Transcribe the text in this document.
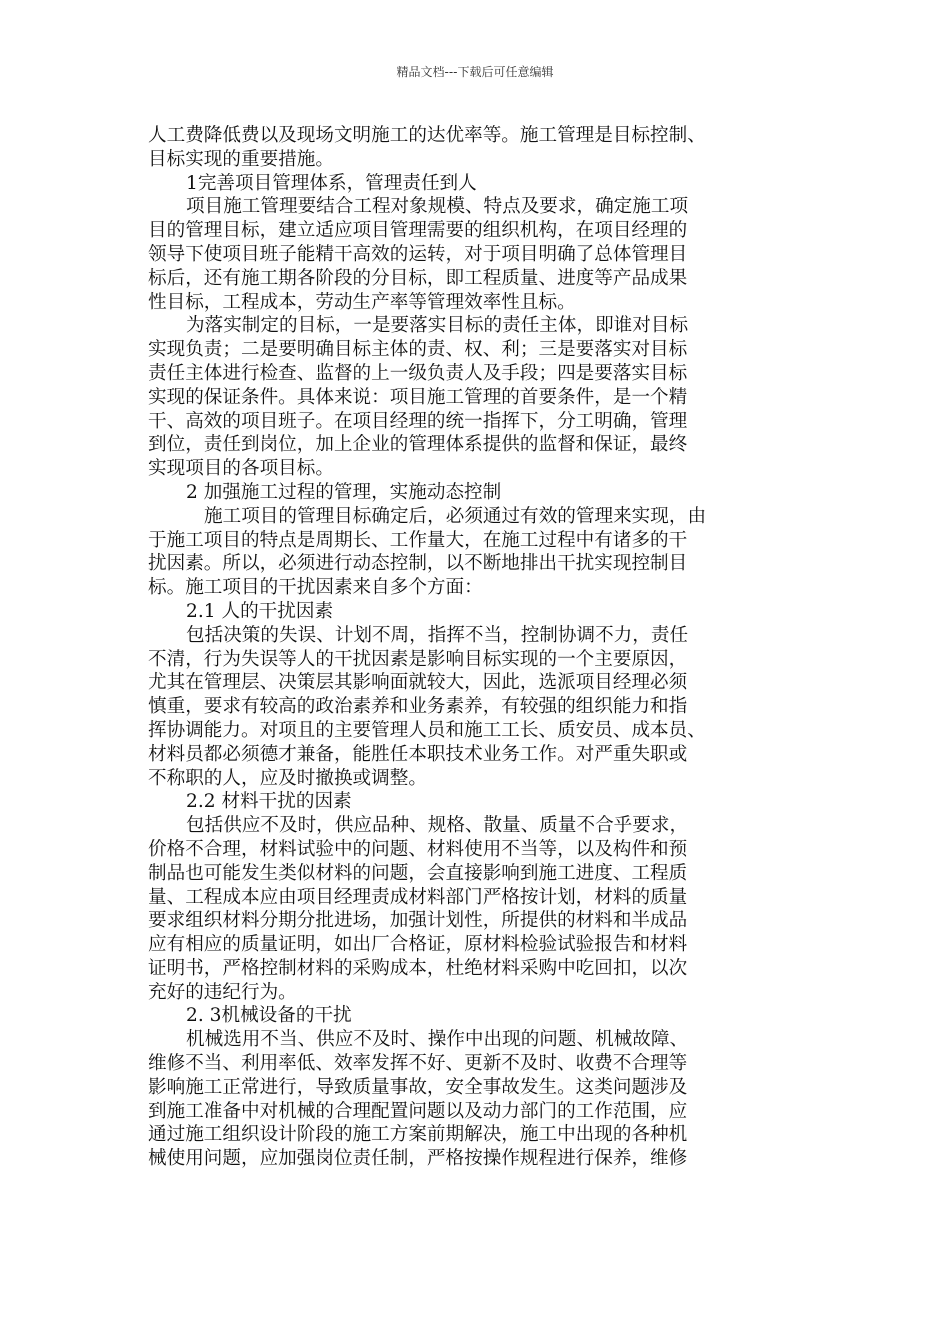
精品文档---下载后可任意编辑
人工费降低费以及现场文明施工的达优率等。施工管理是目标控制、
目标实现的重要措施。
1完善项目管理体系，管理责任到人
项目施工管理要结合工程对象规模、特点及要求，确定施工项
目的管理目标，建立适应项目管理需要的组织机构，在项目经理的
领导下使项目班子能精干高效的运转，对于项目明确了总体管理目
标后，还有施工期各阶段的分目标，即工程质量、进度等产品成果
性目标，工程成本，劳动生产率等管理效率性且标。
为落实制定的目标，一是要落实目标的责任主体，即谁对目标
实现负责；二是要明确目标主体的责、权、利；三是要落实对目标
责任主体进行检查、监督的上一级负责人及手段；四是要落实目标
实现的保证条件。具体来说：项目施工管理的首要条件，是一个精
干、高效的项目班子。在项目经理的统一指挥下，分工明确，管理
到位，责任到岗位，加上企业的管理体系提供的监督和保证，最终
实现项目的各项目标。
2 加强施工过程的管理，实施动态控制
施工项目的管理目标确定后，必须通过有效的管理来实现，由
于施工项目的特点是周期长、工作量大，在施工过程中有诸多的干
扰因素。所以，必须进行动态控制，以不断地排出干扰实现控制目
标。施工项目的干扰因素来自多个方面：
2.1 人的干扰因素
包括决策的失误、计划不周，指挥不当，控制协调不力，责任
不清，行为失误等人的干扰因素是影响目标实现的一个主要原因，
尤其在管理层、决策层其影响面就较大，因此，选派项目经理必须
慎重，要求有较高的政治素养和业务素养，有较强的组织能力和指
挥协调能力。对项且的主要管理人员和施工工长、质安员、成本员、
材料员都必须德才兼备，能胜任本职技术业务工作。对严重失职或
不称职的人，应及时撤换或调整。
2.2 材料干扰的因素
包括供应不及时，供应品种、规格、散量、质量不合乎要求，
价格不合理，材料试验中的问题、材料使用不当等，以及构件和预
制品也可能发生类似材料的问题，会直接影响到施工进度、工程质
量、工程成本应由项目经理责成材料部门严格按计划，材料的质量
要求组织材料分期分批进场，加强计划性，所提供的材料和半成品
应有相应的质量证明，如出厂合格证，原材料检验试验报告和材料
证明书，严格控制材料的采购成本，杜绝材料采购中吃回扣，以次
充好的违纪行为。
2. 3机械设备的干扰
机械选用不当、供应不及时、操作中出现的问题、机械故障、
维修不当、利用率低、效率发挥不好、更新不及时、收费不合理等
影响施工正常进行，导致质量事故，安全事故发生。这类问题涉及
到施工准备中对机械的合理配置问题以及动力部门的工作范围，应
通过施工组织设计阶段的施工方案前期解决，施工中出现的各种机
械使用问题，应加强岗位责任制，严格按操作规程进行保养，维修
